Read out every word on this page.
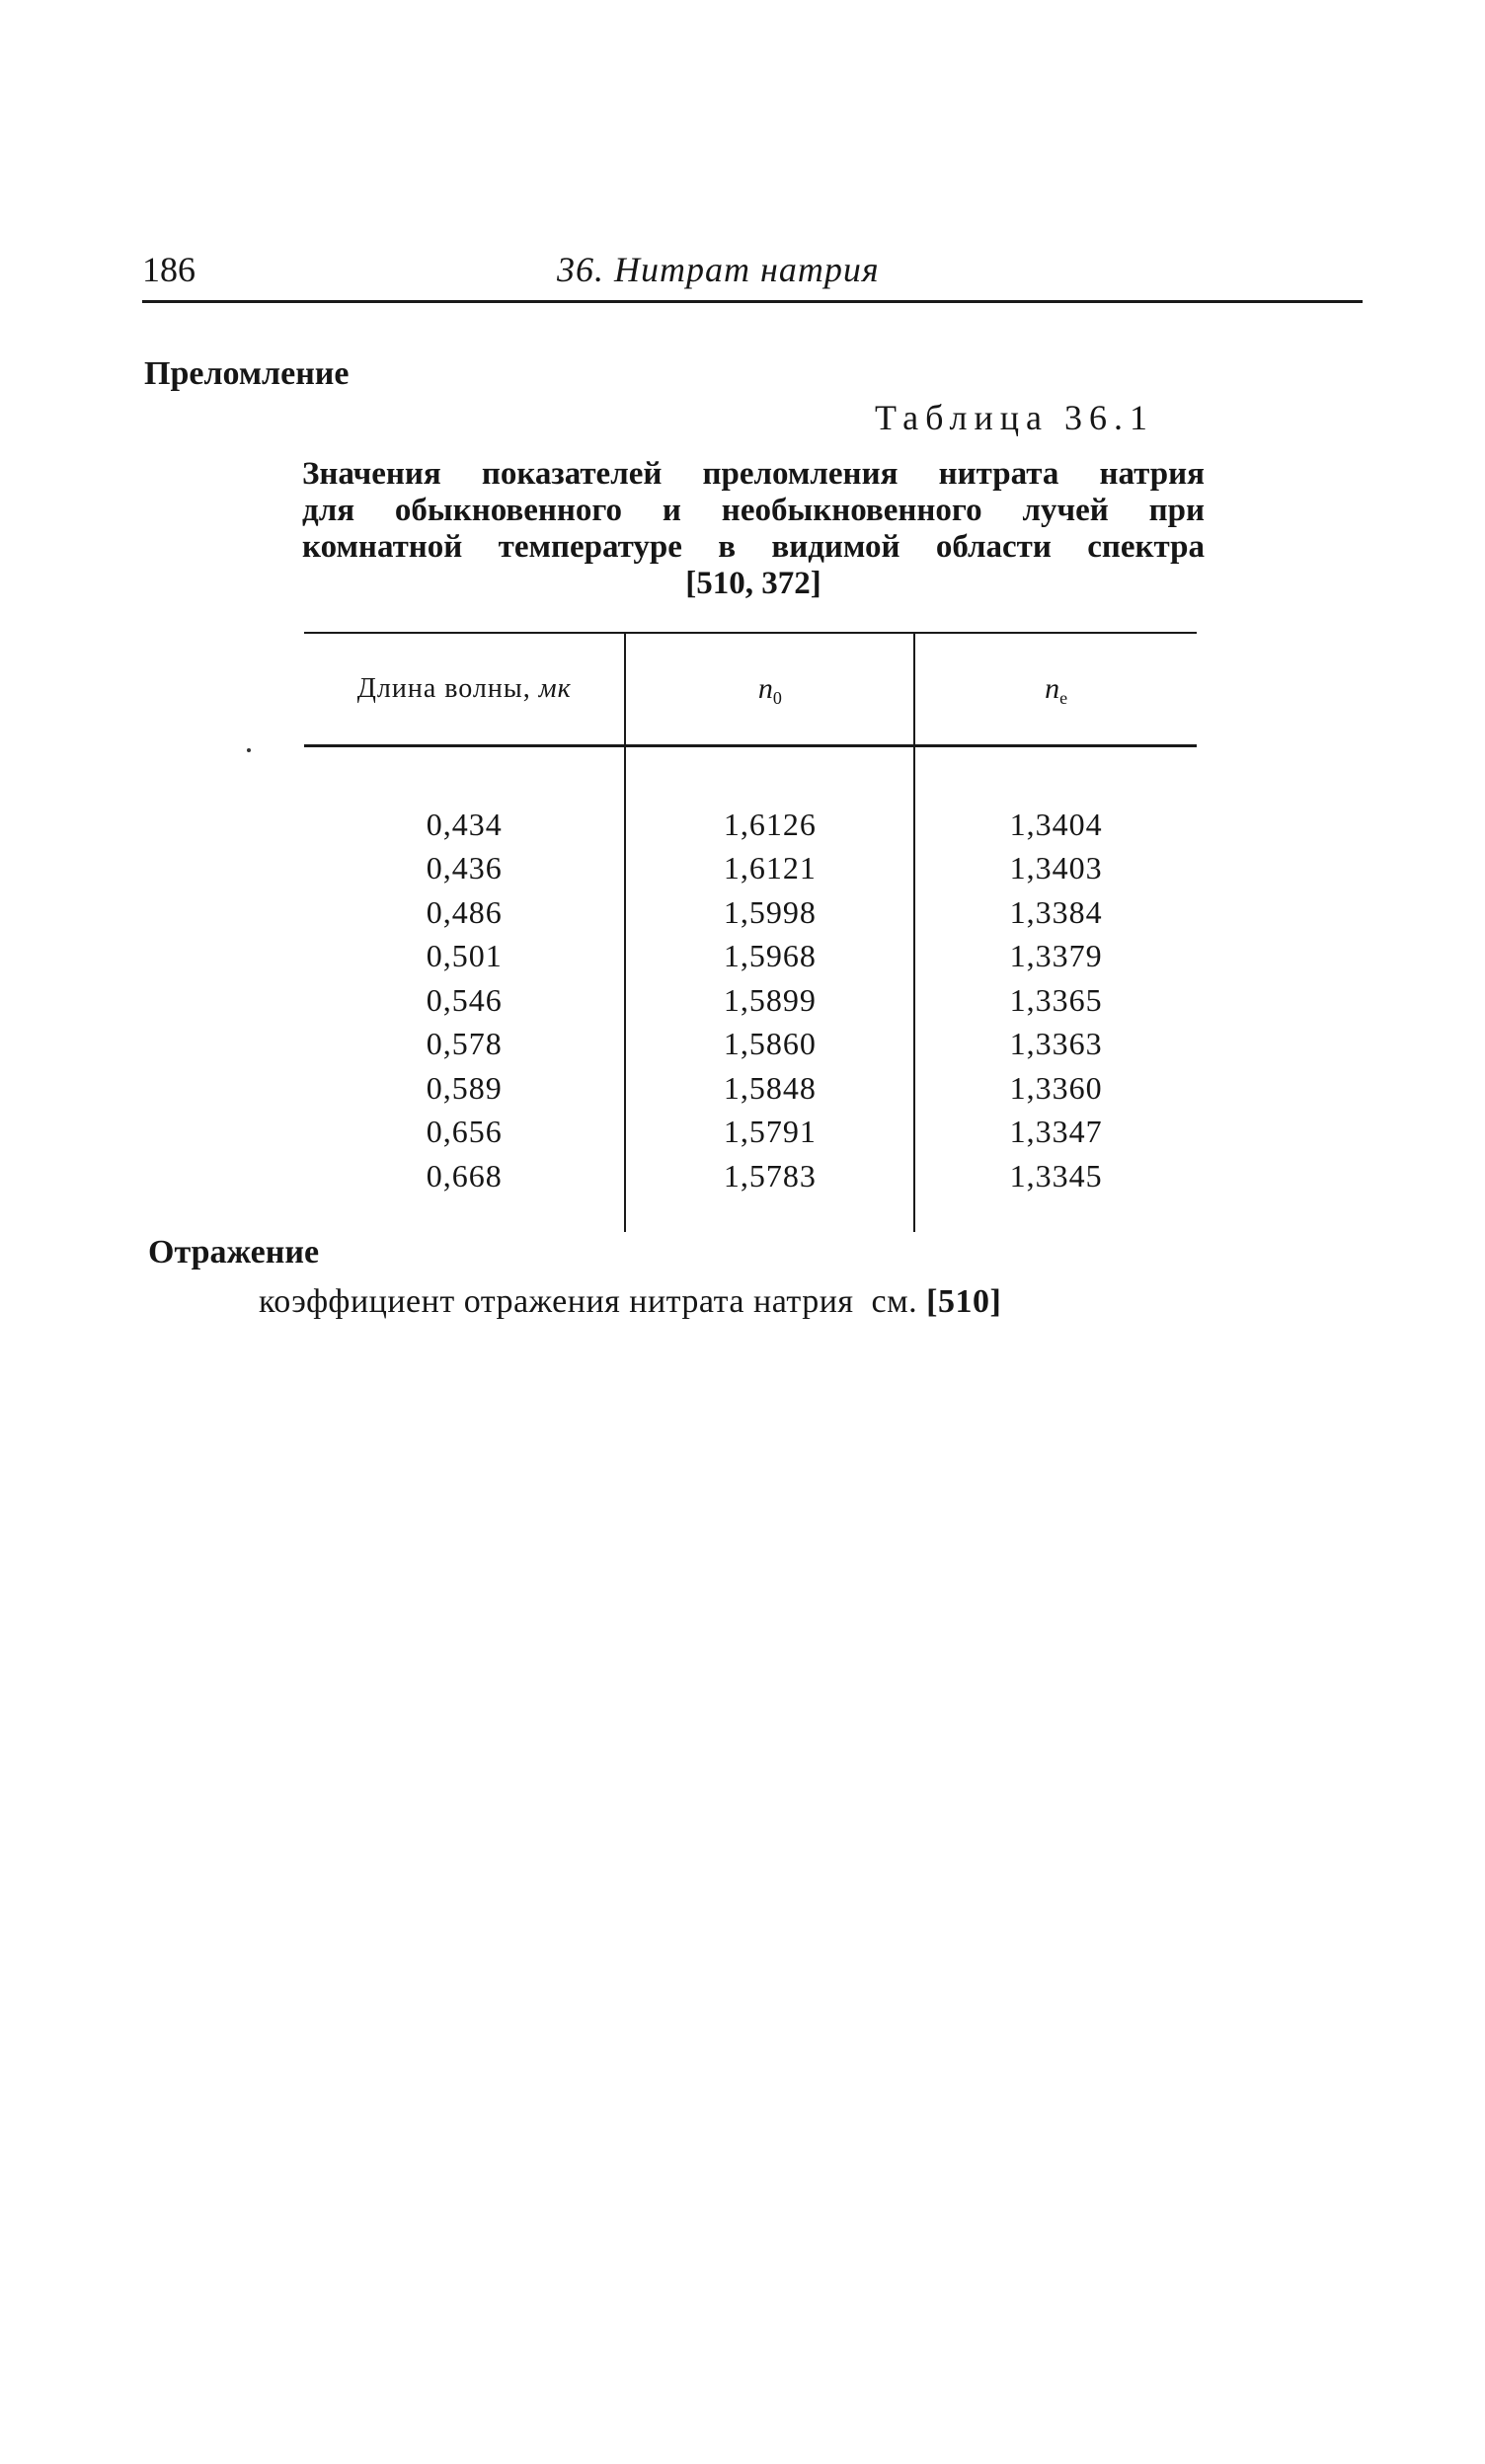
186	36. Нитрат натрия
Преломление
Таблица 36.1
Значения показателей преломления нитрата натрия
для обыкновенного и необыкновенного лучей при
комнатной температуре в видимой области спектра
[510, 372]
Длина волны, мк	$n_0$	$n_e$
0,434	1,6126	1,3404
0,436	1,6121	1,3403
0,486	1,5998	1,3384
0,501	1,5968	1,3379
0,546	1,5899	1,3365
0,578	1,5860	1,3363
0,589	1,5848	1,3360
0,656	1,5791	1,3347
0,668	1,5783	1,3345
Отражение
коэффициент отражения нитрата натрия  см. [510]
